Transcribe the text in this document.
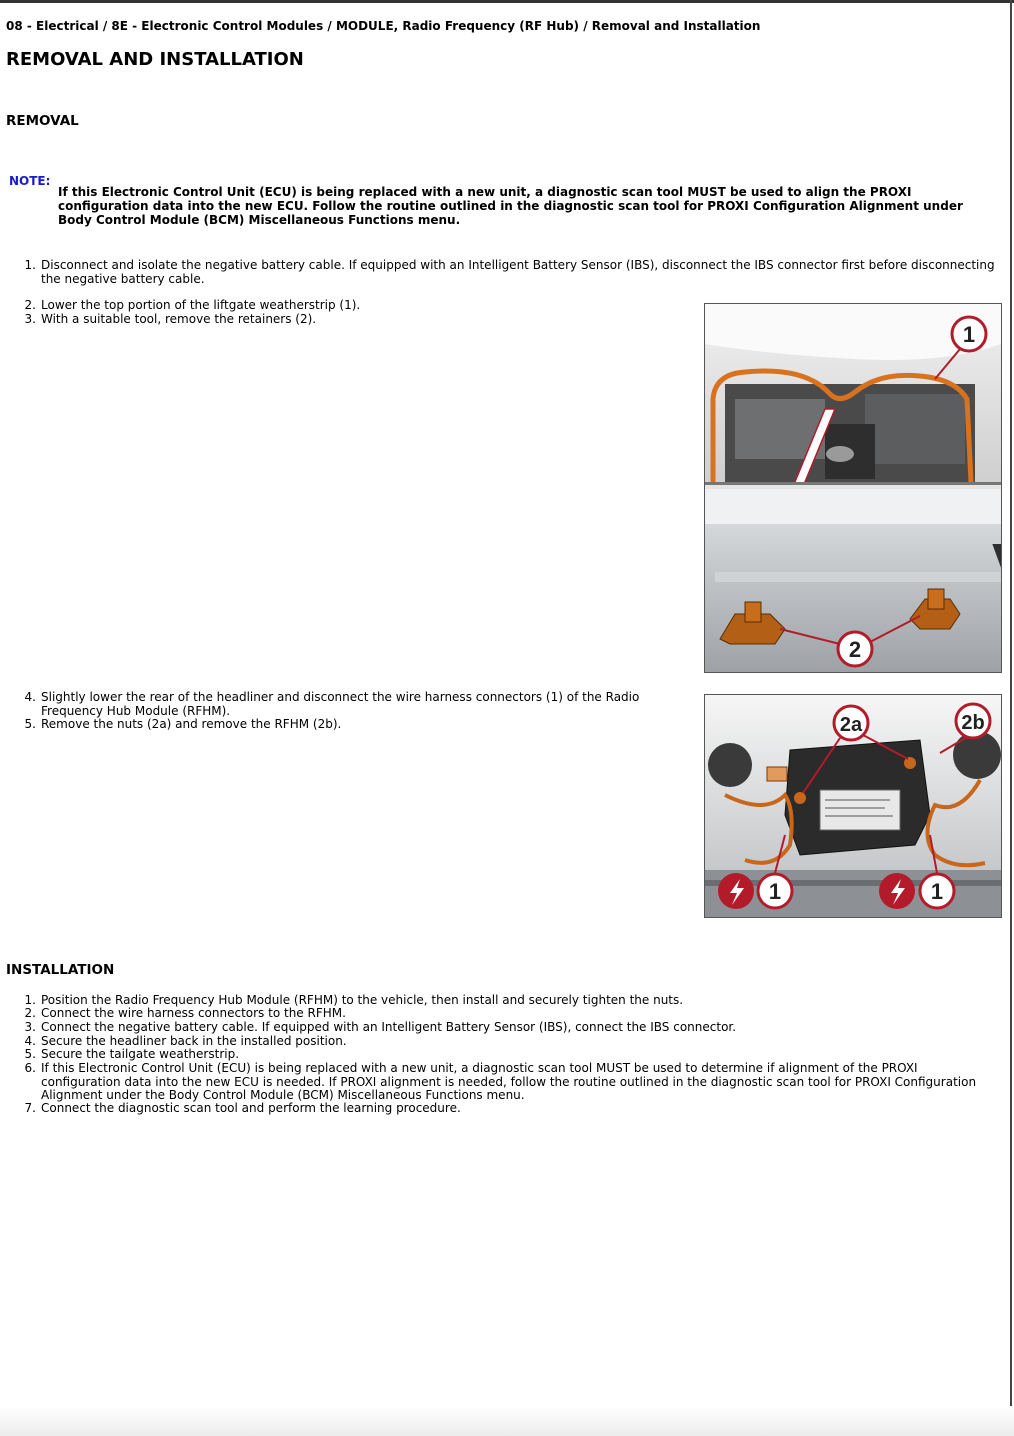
08 - Electrical / 8E - Electronic Control Modules / MODULE, Radio Frequency (RF Hub) / Removal and Installation
REMOVAL AND INSTALLATION
REMOVAL
NOTE:
If this Electronic Control Unit (ECU) is being replaced with a new unit, a diagnostic scan tool MUST be used to align the PROXI configuration data into the new ECU. Follow the routine outlined in the diagnostic scan tool for PROXI Configuration Alignment under Body Control Module (BCM) Miscellaneous Functions menu.
1. Disconnect and isolate the negative battery cable. If equipped with an Intelligent Battery Sensor (IBS), disconnect the IBS connector first before disconnecting the negative battery cable.
2. Lower the top portion of the liftgate weatherstrip (1).
3. With a suitable tool, remove the retainers (2).
4. Slightly lower the rear of the headliner and disconnect the wire harness connectors (1) of the Radio Frequency Hub Module (RFHM).
5. Remove the nuts (2a) and remove the RFHM (2b).
1
2
2a	2b
1	1
INSTALLATION
1. Position the Radio Frequency Hub Module (RFHM) to the vehicle, then install and securely tighten the nuts.
2. Connect the wire harness connectors to the RFHM.
3. Connect the negative battery cable. If equipped with an Intelligent Battery Sensor (IBS), connect the IBS connector.
4. Secure the headliner back in the installed position.
5. Secure the tailgate weatherstrip.
6. If this Electronic Control Unit (ECU) is being replaced with a new unit, a diagnostic scan tool MUST be used to determine if alignment of the PROXI configuration data into the new ECU is needed. If PROXI alignment is needed, follow the routine outlined in the diagnostic scan tool for PROXI Configuration Alignment under the Body Control Module (BCM) Miscellaneous Functions menu.
7. Connect the diagnostic scan tool and perform the learning procedure.
